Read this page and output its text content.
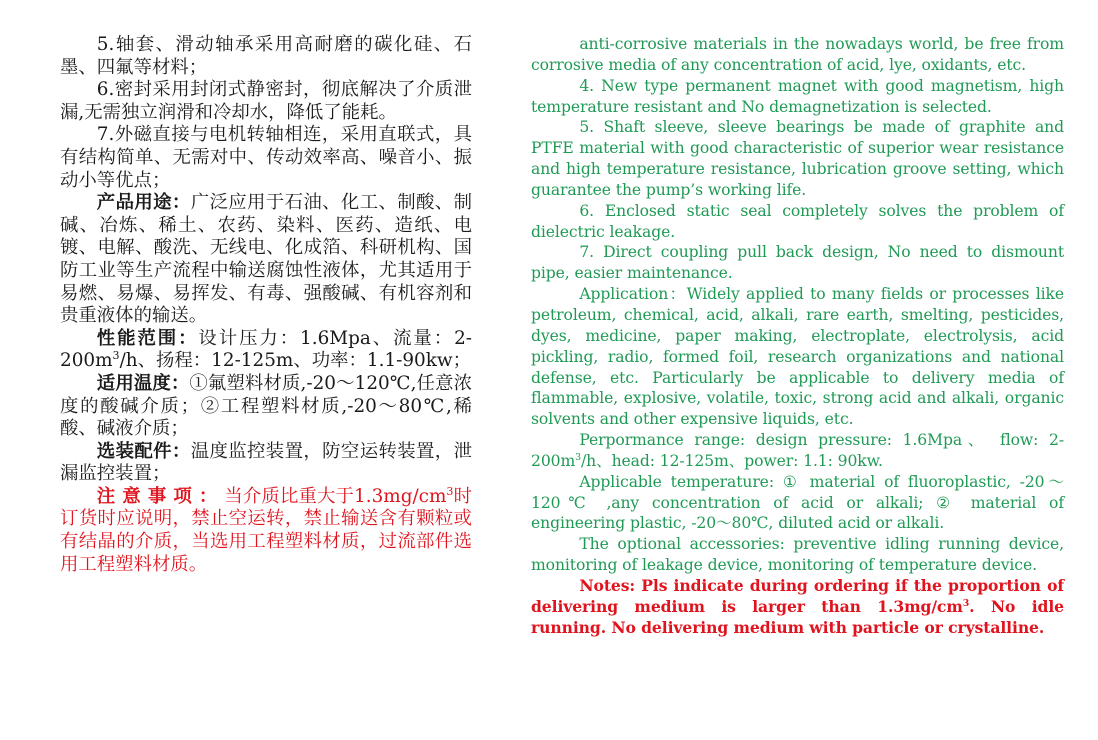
5.轴套、滑动轴承采用高耐磨的碳化硅、石墨、四氟等材料；

6.密封采用封闭式静密封，彻底解决了介质泄漏,无需独立润滑和冷却水，降低了能耗。

7.外磁直接与电机转轴相连，采用直联式，具有结构简单、无需对中、传动效率高、噪音小、振动小等优点；

产品用途：广泛应用于石油、化工、制酸、制碱、冶炼、稀土、农药、染料、医药、造纸、电镀、电解、酸洗、无线电、化成箔、科研机构、国防工业等生产流程中输送腐蚀性液体，尤其适用于易燃、易爆、易挥发、有毒、强酸碱、有机容剂和贵重液体的输送。

性能范围：设计压力：1.6Mpa、流量：$2-200m^3/h$、扬程：12-125m、功率：1.1-90kw；

适用温度：①氟塑料材质,-20～120℃,任意浓度的酸碱介质；②工程塑料材质,-20～80℃,稀酸、碱液介质；

选装配件：温度监控装置，防空运转装置，泄漏监控装置；

注意事项：当介质比重大于$1.3mg/cm^3$时订货时应说明，禁止空运转，禁止输送含有颗粒或有结晶的介质，当选用工程塑料材质，过流部件选用工程塑料材质。

anti-corrosive materials in the nowadays world, be free from corrosive media of any concentration of acid, lye, oxidants, etc.

4. New type permanent magnet with good magnetism, high temperature resistant and No demagnetization is selected.

5. Shaft sleeve, sleeve bearings be made of graphite and PTFE material with good characteristic of superior wear resistance and high temperature resistance, lubrication groove setting, which guarantee the pump’s working life.

6. Enclosed static seal completely solves the problem of dielectric leakage.

7. Direct coupling pull back design, No need to dismount pipe, easier maintenance.

Application：Widely applied to many fields or processes like petroleum, chemical, acid, alkali, rare earth, smelting, pesticides, dyes, medicine, paper making, electroplate, electrolysis, acid pickling, radio, formed foil, research organizations and national defense, etc. Particularly be applicable to delivery media of flammable, explosive, volatile, toxic, strong acid and alkali, organic solvents and other expensive liquids, etc.

Perpormance range: design pressure: 1.6Mpa、 flow: $2-200m^3/h$、head: 12-125m、power: 1.1: 90kw.

Applicable temperature: ① material of fluoroplastic, -20～120℃ ,any concentration of acid or alkali; ② material of engineering plastic, -20～80℃, diluted acid or alkali.

The optional accessories: preventive idling running device, monitoring of leakage device, monitoring of temperature device.

Notes: Pls indicate during ordering if the proportion of delivering medium is larger than $1.3mg/cm^3$. No idle running. No delivering medium with particle or crystalline.
